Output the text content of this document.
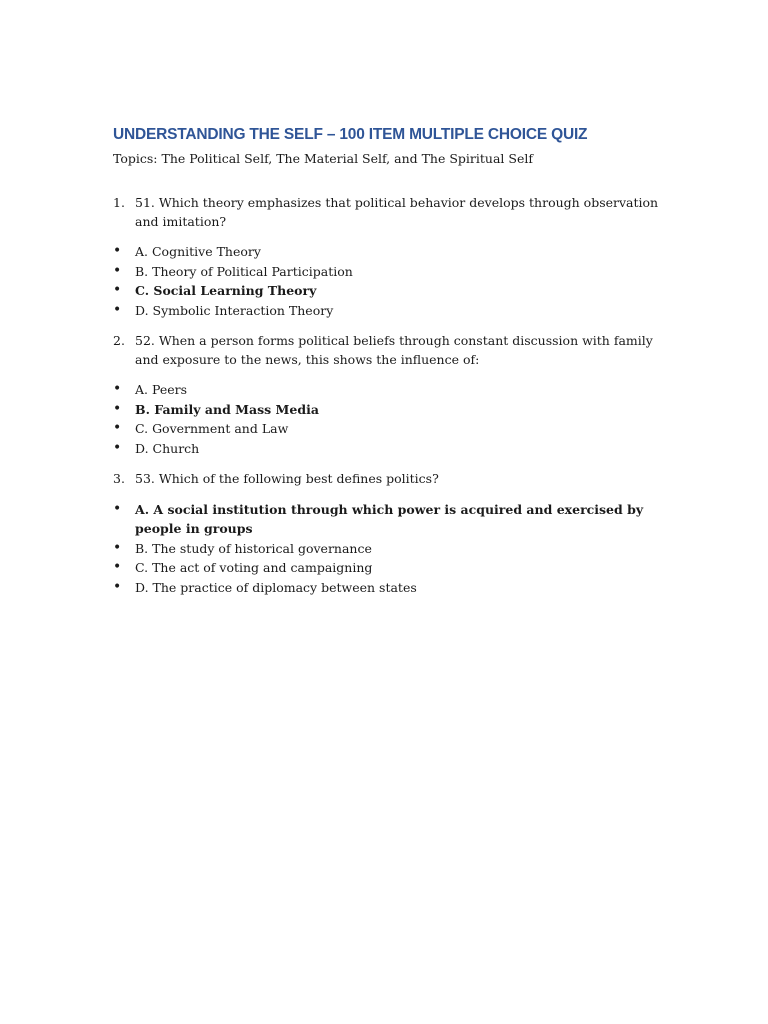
UNDERSTANDING THE SELF – 100 ITEM MULTIPLE CHOICE QUIZ

Topics: The Political Self, The Material Self, and The Spiritual Self

1. 51. Which theory emphasizes that political behavior develops through observation and imitation?
•	A. Cognitive Theory
•	B. Theory of Political Participation
•	C. Social Learning Theory
•	D. Symbolic Interaction Theory
2. 52. When a person forms political beliefs through constant discussion with family and exposure to the news, this shows the influence of:
•	A. Peers
•	B. Family and Mass Media
•	C. Government and Law
•	D. Church
3. 53. Which of the following best defines politics?
•	A. A social institution through which power is acquired and exercised by people in groups
•	B. The study of historical governance
•	C. The act of voting and campaigning
•	D. The practice of diplomacy between states
